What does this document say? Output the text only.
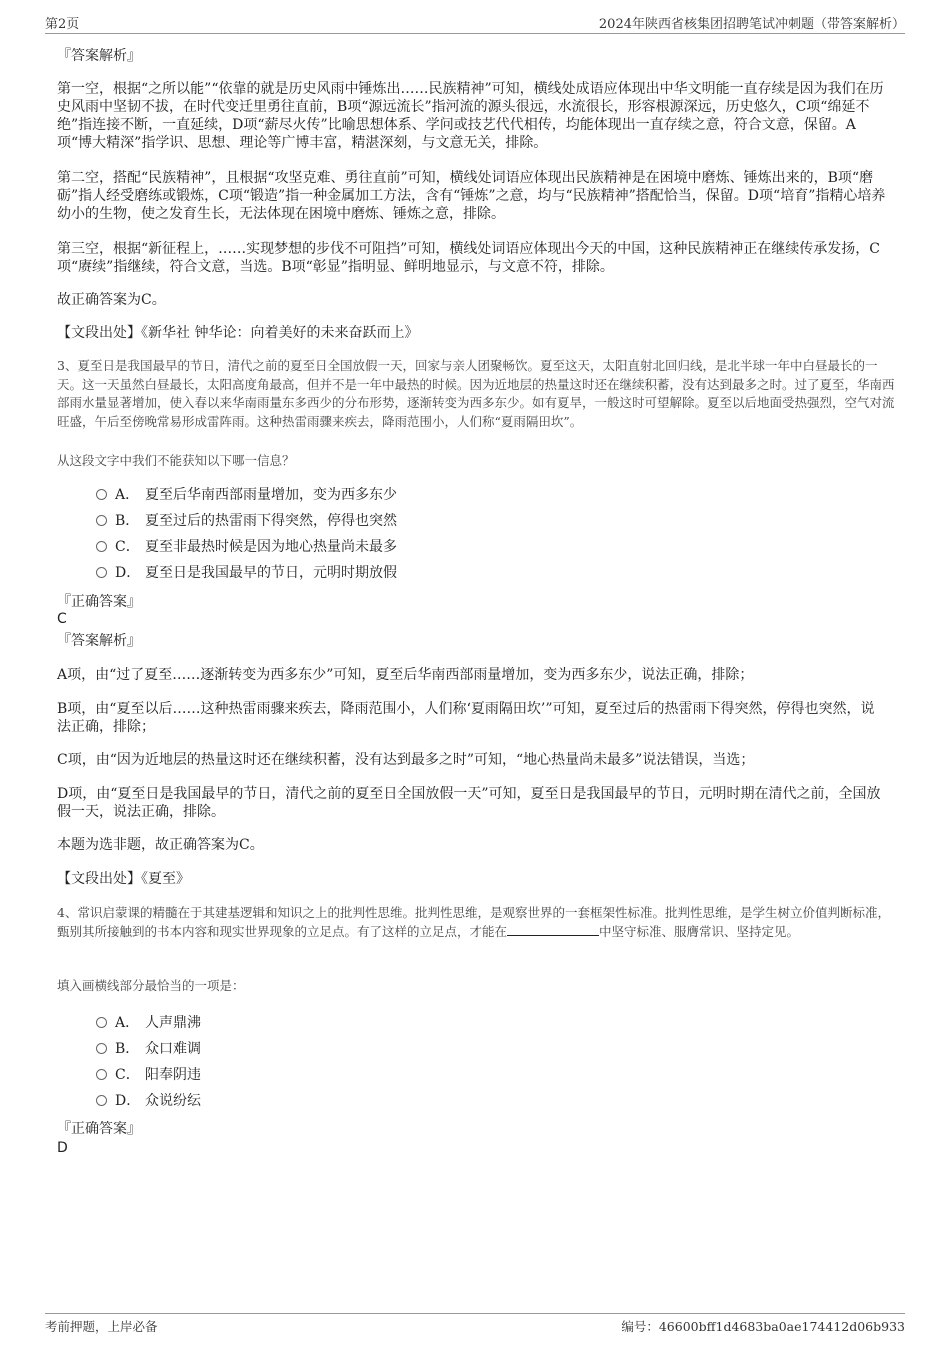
第2页	2024年陕西省核集团招聘笔试冲刺题（带答案解析）
『答案解析』
第一空，根据“之所以能”“依靠的就是历史风雨中锤炼出……民族精神”可知，横线处成语应体现出中华文明能一直存续是因为我们在历史风雨中坚韧不拔，在时代变迁里勇往直前，B项“源远流长”指河流的源头很远，水流很长，形容根源深远，历史悠久，C项“绵延不绝”指连接不断，一直延续，D项“薪尽火传”比喻思想体系、学问或技艺代代相传，均能体现出一直存续之意，符合文意，保留。A项“博大精深”指学识、思想、理论等广博丰富，精湛深刻，与文意无关，排除。
第二空，搭配“民族精神”，且根据“攻坚克难、勇往直前”可知，横线处词语应体现出民族精神是在困境中磨炼、锤炼出来的，B项“磨砺”指人经受磨练或锻炼，C项“锻造”指一种金属加工方法，含有“锤炼”之意，均与“民族精神”搭配恰当，保留。D项“培育”指精心培养幼小的生物，使之发育生长，无法体现在困境中磨炼、锤炼之意，排除。
第三空，根据“新征程上，……实现梦想的步伐不可阻挡”可知，横线处词语应体现出今天的中国，这种民族精神正在继续传承发扬，C项“赓续”指继续，符合文意，当选。B项“彰显”指明显、鲜明地显示，与文意不符，排除。
故正确答案为C。
【文段出处】《新华社 钟华论：向着美好的未来奋跃而上》
3、夏至日是我国最早的节日，清代之前的夏至日全国放假一天，回家与亲人团聚畅饮。夏至这天，太阳直射北回归线，是北半球一年中白昼最长的一天。这一天虽然白昼最长，太阳高度角最高，但并不是一年中最热的时候。因为近地层的热量这时还在继续积蓄，没有达到最多之时。过了夏至，华南西部雨水量显著增加，使入春以来华南雨量东多西少的分布形势，逐渐转变为西多东少。如有夏旱，一般这时可望解除。夏至以后地面受热强烈，空气对流旺盛，午后至傍晚常易形成雷阵雨。这种热雷雨骤来疾去，降雨范围小，人们称“夏雨隔田坎”。
从这段文字中我们不能获知以下哪一信息？
A． 夏至后华南西部雨量增加，变为西多东少
B． 夏至过后的热雷雨下得突然，停得也突然
C． 夏至非最热时候是因为地心热量尚未最多
D． 夏至日是我国最早的节日，元明时期放假
『正确答案』
C
『答案解析』
A项，由“过了夏至……逐渐转变为西多东少”可知，夏至后华南西部雨量增加，变为西多东少，说法正确，排除；
B项，由“夏至以后……这种热雷雨骤来疾去，降雨范围小，人们称‘夏雨隔田坎’”可知，夏至过后的热雷雨下得突然，停得也突然，说法正确，排除；
C项，由“因为近地层的热量这时还在继续积蓄，没有达到最多之时”可知，“地心热量尚未最多”说法错误，当选；
D项，由“夏至日是我国最早的节日，清代之前的夏至日全国放假一天”可知，夏至日是我国最早的节日，元明时期在清代之前，全国放假一天，说法正确，排除。
本题为选非题，故正确答案为C。
【文段出处】《夏至》
4、常识启蒙课的精髓在于其建基逻辑和知识之上的批判性思维。批判性思维，是观察世界的一套框架性标准。批判性思维，是学生树立价值判断标准，甄别其所接触到的书本内容和现实世界现象的立足点。有了这样的立足点，才能在	中坚守标准、服膺常识、坚持定见。
填入画横线部分最恰当的一项是：
A． 人声鼎沸
B． 众口难调
C． 阳奉阴违
D． 众说纷纭
『正确答案』
D
考前押题，上岸必备	编号：46600bff1d4683ba0ae174412d06b933
